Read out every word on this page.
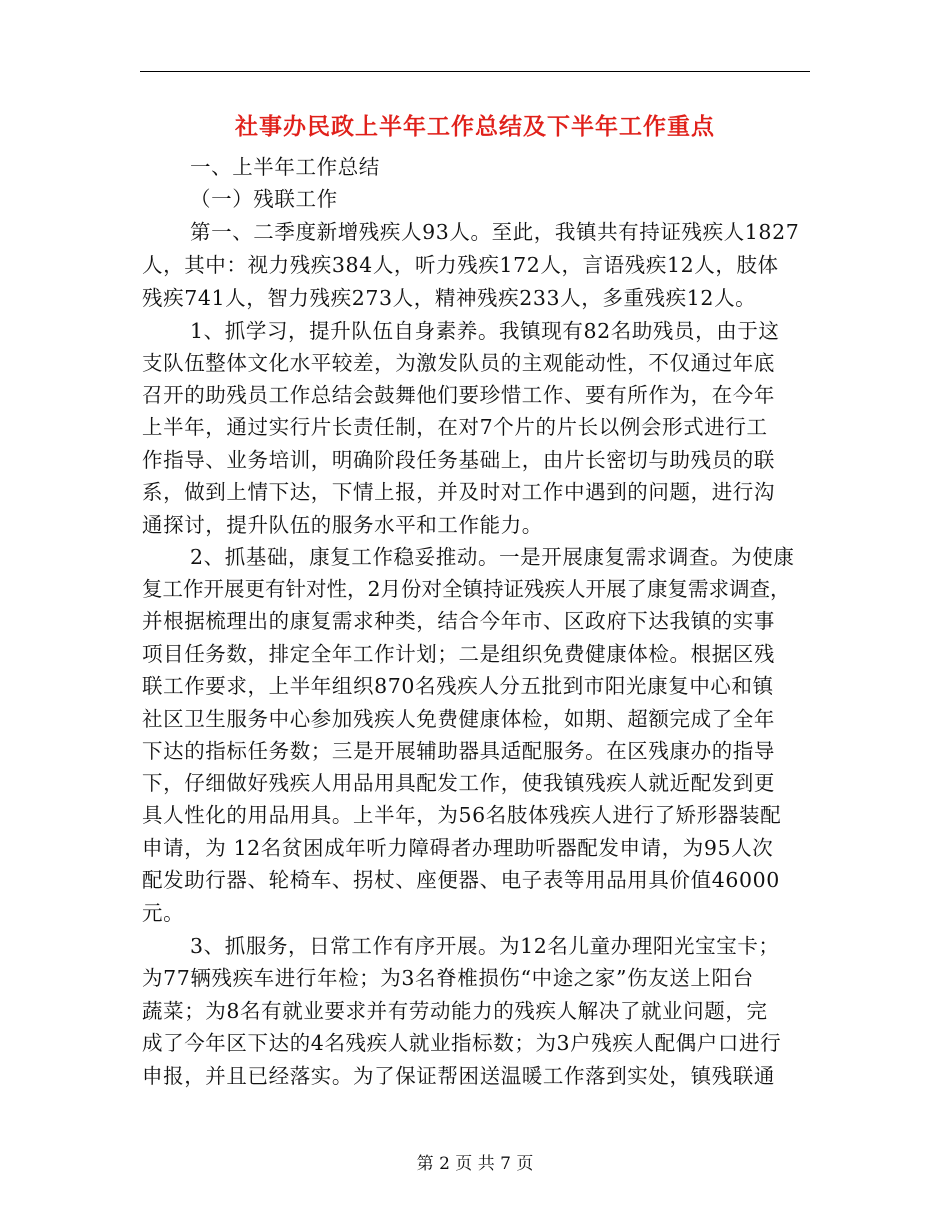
社事办民政上半年工作总结及下半年工作重点
一、上半年工作总结
（一）残联工作
第一、二季度新增残疾人93人。至此，我镇共有持证残疾人1827
人，其中：视力残疾384人，听力残疾172人，言语残疾12人，肢体
残疾741人，智力残疾273人，精神残疾233人，多重残疾12人。
1、抓学习，提升队伍自身素养。我镇现有82名助残员，由于这
支队伍整体文化水平较差，为激发队员的主观能动性，不仅通过年底
召开的助残员工作总结会鼓舞他们要珍惜工作、要有所作为，在今年
上半年，通过实行片长责任制，在对7个片的片长以例会形式进行工
作指导、业务培训，明确阶段任务基础上，由片长密切与助残员的联
系，做到上情下达，下情上报，并及时对工作中遇到的问题，进行沟
通探讨，提升队伍的服务水平和工作能力。
2、抓基础，康复工作稳妥推动。一是开展康复需求调查。为使康
复工作开展更有针对性，2月份对全镇持证残疾人开展了康复需求调查，
并根据梳理出的康复需求种类，结合今年市、区政府下达我镇的实事
项目任务数，排定全年工作计划；二是组织免费健康体检。根据区残
联工作要求，上半年组织870名残疾人分五批到市阳光康复中心和镇
社区卫生服务中心参加残疾人免费健康体检，如期、超额完成了全年
下达的指标任务数；三是开展辅助器具适配服务。在区残康办的指导
下，仔细做好残疾人用品用具配发工作，使我镇残疾人就近配发到更
具人性化的用品用具。上半年，为56名肢体残疾人进行了矫形器装配
申请，为 12名贫困成年听力障碍者办理助听器配发申请，为95人次
配发助行器、轮椅车、拐杖、座便器、电子表等用品用具价值46000
元。
3、抓服务，日常工作有序开展。为12名儿童办理阳光宝宝卡；
为77辆残疾车进行年检；为3名脊椎损伤“中途之家”伤友送上阳台
蔬菜；为8名有就业要求并有劳动能力的残疾人解决了就业问题，完
成了今年区下达的4名残疾人就业指标数；为3户残疾人配偶户口进行
申报，并且已经落实。为了保证帮困送温暖工作落到实处，镇残联通
第 2 页 共 7 页
